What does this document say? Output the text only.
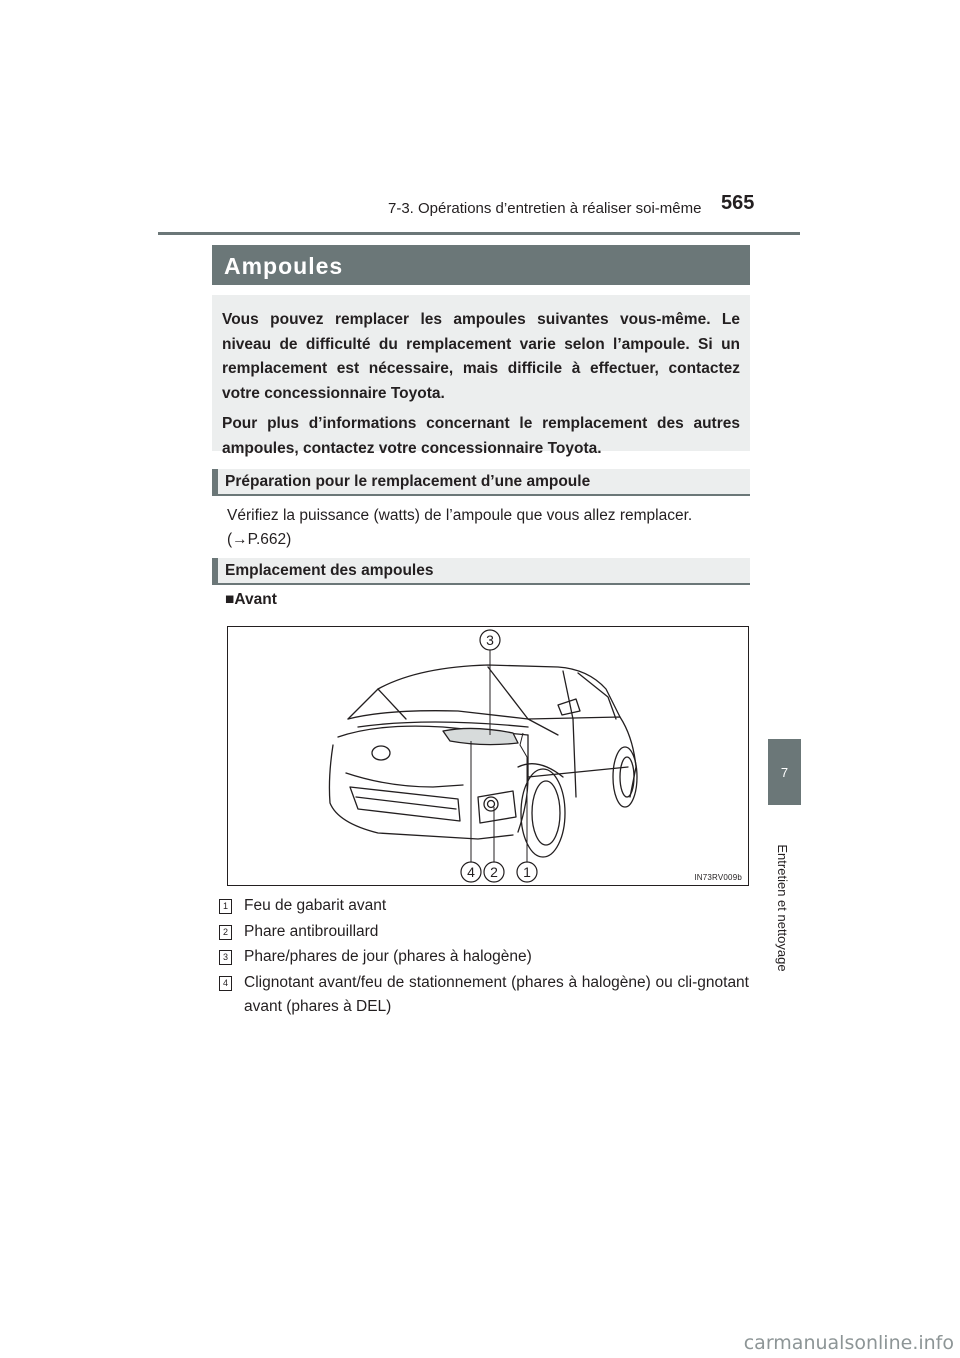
7-3. Opérations d’entretien à réaliser soi-même 565
7
Entretien et nettoyage
Ampoules

Vous pouvez remplacer les ampoules suivantes vous-même. Le niveau de difficulté du remplacement varie selon l’ampoule. Si un remplacement est nécessaire, mais difficile à effectuer, contactez votre concessionnaire Toyota.

Pour plus d’informations concernant le remplacement des autres ampoules, contactez votre concessionnaire Toyota.

Préparation pour le remplacement d’une ampoule
Vérifiez la puissance (watts) de l’ampoule que vous allez remplacer.
(→P.662)
Emplacement des ampoules
■Avant
3
4 2 1	IN73RV009b
1 Feu de gabarit avant
2 Phare antibrouillard
3 Phare/phares de jour (phares à halogène)
4 Clignotant avant/feu de stationnement (phares à halogène) ou cli-gnotant avant (phares à DEL)
carmanualsonline.info
